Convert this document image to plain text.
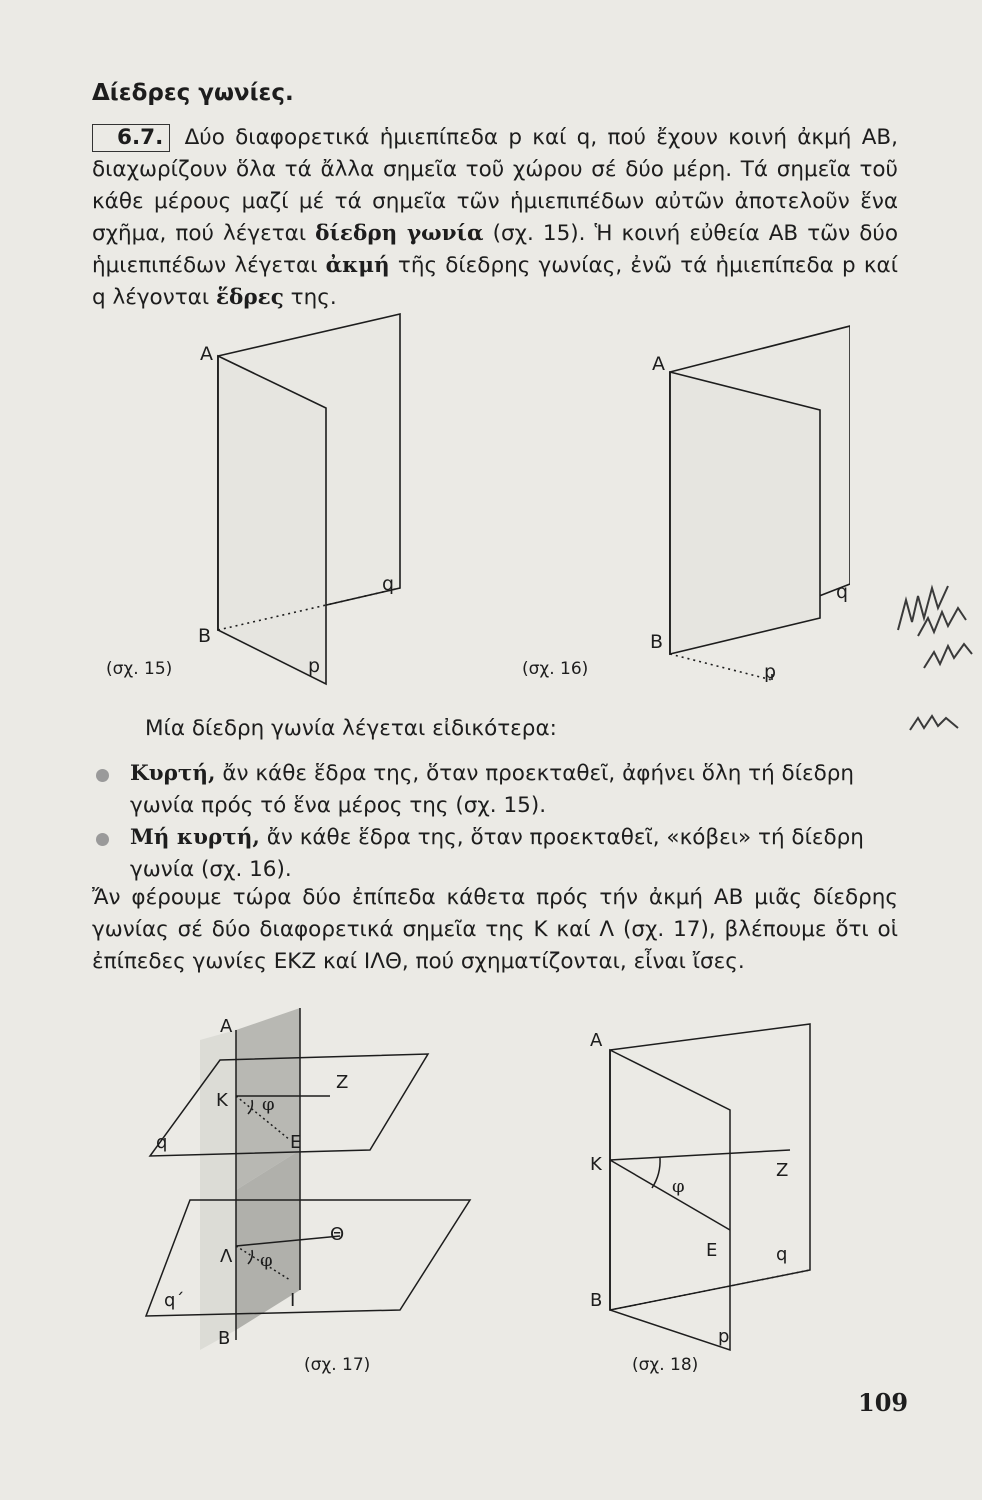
Δίεδρες γωνίες.
6.7. Δύο διαφορετικά ἡμιεπίπεδα p καί q, πού ἔχουν κοινή ἀκμή AB, διαχωρίζουν ὅλα τά ἄλλα σημεῖα τοῦ χώρου σέ δύο μέρη. Τά σημεῖα τοῦ κάθε μέρους μαζί μέ τά σημεῖα τῶν ἡμιεπιπέδων αὐτῶν ἀποτελοῦν ἕνα σχῆμα, πού λέγεται δίεδρη γωνία (σχ. 15). Ἡ κοινή εὐθεία AB τῶν δύο ἡμιεπιπέδων λέγεται ἀκμή τῆς δίεδρης γωνίας, ἐνῶ τά ἡμιεπίπεδα p καί q λέγονται ἕδρες της.
A
B
q
p
(σχ. 15)
A
B
q
p
(σχ. 16)
Μία δίεδρη γωνία λέγεται εἰδικότερα:
Κυρτή, ἄν κάθε ἕδρα της, ὅταν προεκταθεῖ, ἀφήνει ὅλη τή δίεδρη γωνία πρός τό ἕνα μέρος της (σχ. 15).
Μή κυρτή, ἄν κάθε ἕδρα της, ὅταν προεκταθεῖ, «κόβει» τή δίεδρη γωνία (σχ. 16).
Ἄν φέρουμε τώρα δύο ἐπίπεδα κάθετα πρός τήν ἀκμή AB μιᾶς δίεδρης γωνίας σέ δύο διαφορετικά σημεῖα της Κ καί Λ (σχ. 17), βλέπουμε ὅτι οἱ ἐπίπεδες γωνίες ΕΚΖ καί ΙΛΘ, πού σχηματίζονται, εἶναι ἴσες.
A
Z
K φ
q	E
Θ
Λ φ
q΄	I
B
(σχ. 17)
A
K	Z
φ
E	q
B
p
(σχ. 18)
109
